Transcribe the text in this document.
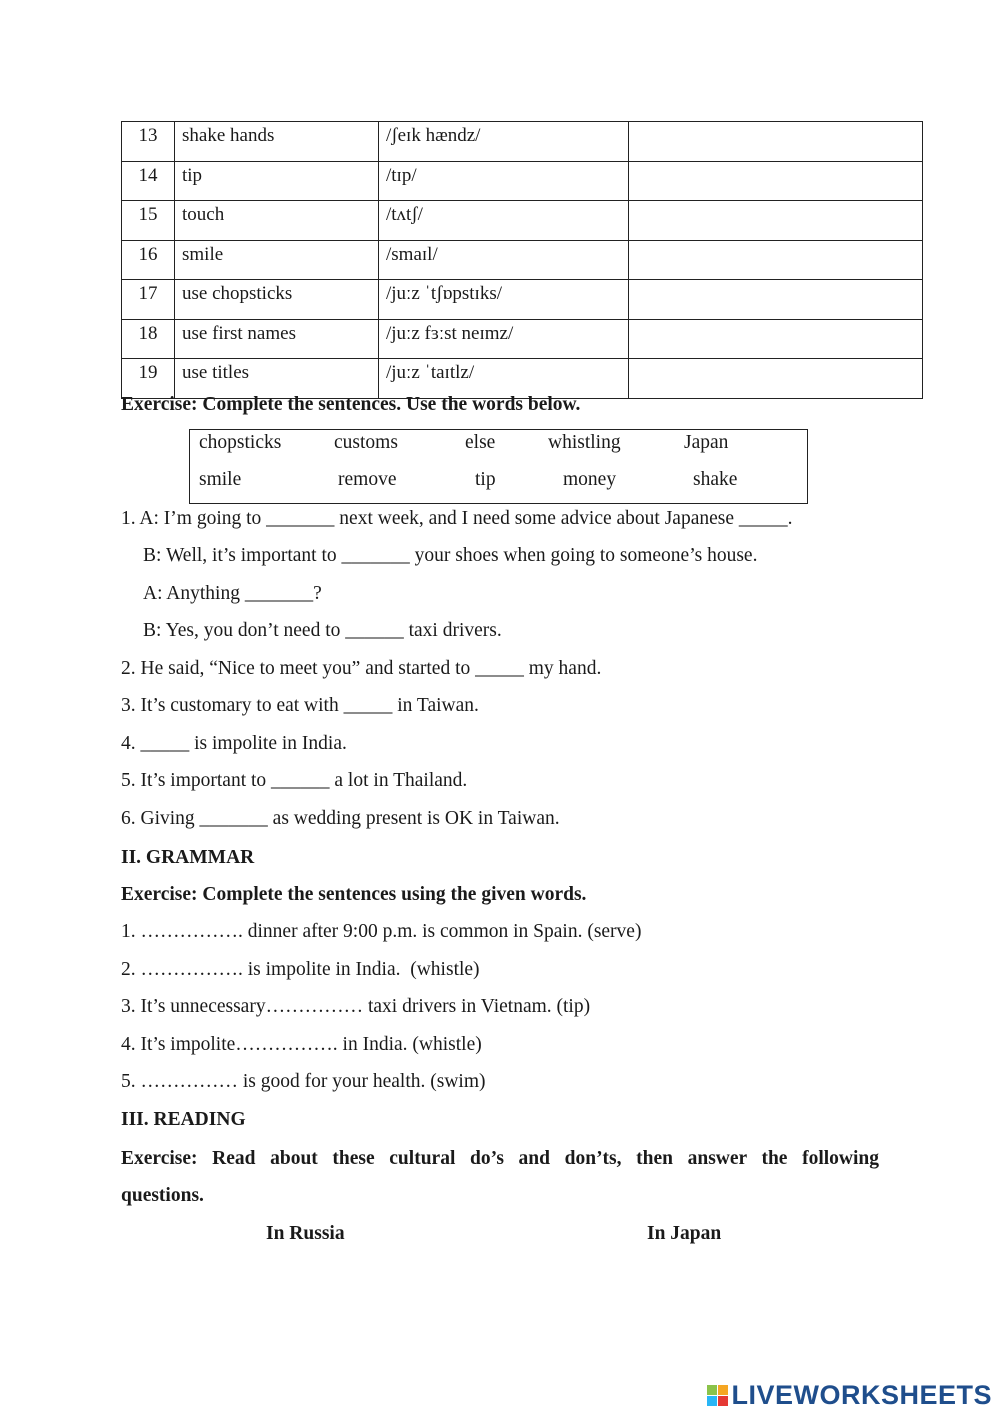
13	shake hands	/ʃeɪk hændz/	
14	tip	/tɪp/	
15	touch	/tʌtʃ/	
16	smile	/smaɪl/	
17	use chopsticks	/juːz ˈtʃɒpstɪks/	
18	use first names	/juːz fɜːst neɪmz/	
19	use titles	/juːz ˈtaɪtlz/	
Exercise: Complete the sentences. Use the words below.
chopsticks	customs	else	whistling	Japan
smile	remove	tip	money	shake
1. A: I’m going to _______ next week, and I need some advice about Japanese _____.
B: Well, it’s important to _______ your shoes when going to someone’s house.
A: Anything _______?
B: Yes, you don’t need to ______ taxi drivers.
2. He said, “Nice to meet you” and started to _____ my hand.
3. It’s customary to eat with _____ in Taiwan.
4. _____ is impolite in India.
5. It’s important to ______ a lot in Thailand.
6. Giving _______ as wedding present is OK in Taiwan.
II. GRAMMAR
Exercise: Complete the sentences using the given words.
1. ……………. dinner after 9:00 p.m. is common in Spain. (serve)
2. ……………. is impolite in India.  (whistle)
3. It’s unnecessary…………… taxi drivers in Vietnam. (tip)
4. It’s impolite……………. in India. (whistle)
5. …………… is good for your health. (swim)
III. READING
Exercise: Read about these cultural do’s and don’ts, then answer the following
questions.
In Russia	In Japan
LIVEWORKSHEETS
